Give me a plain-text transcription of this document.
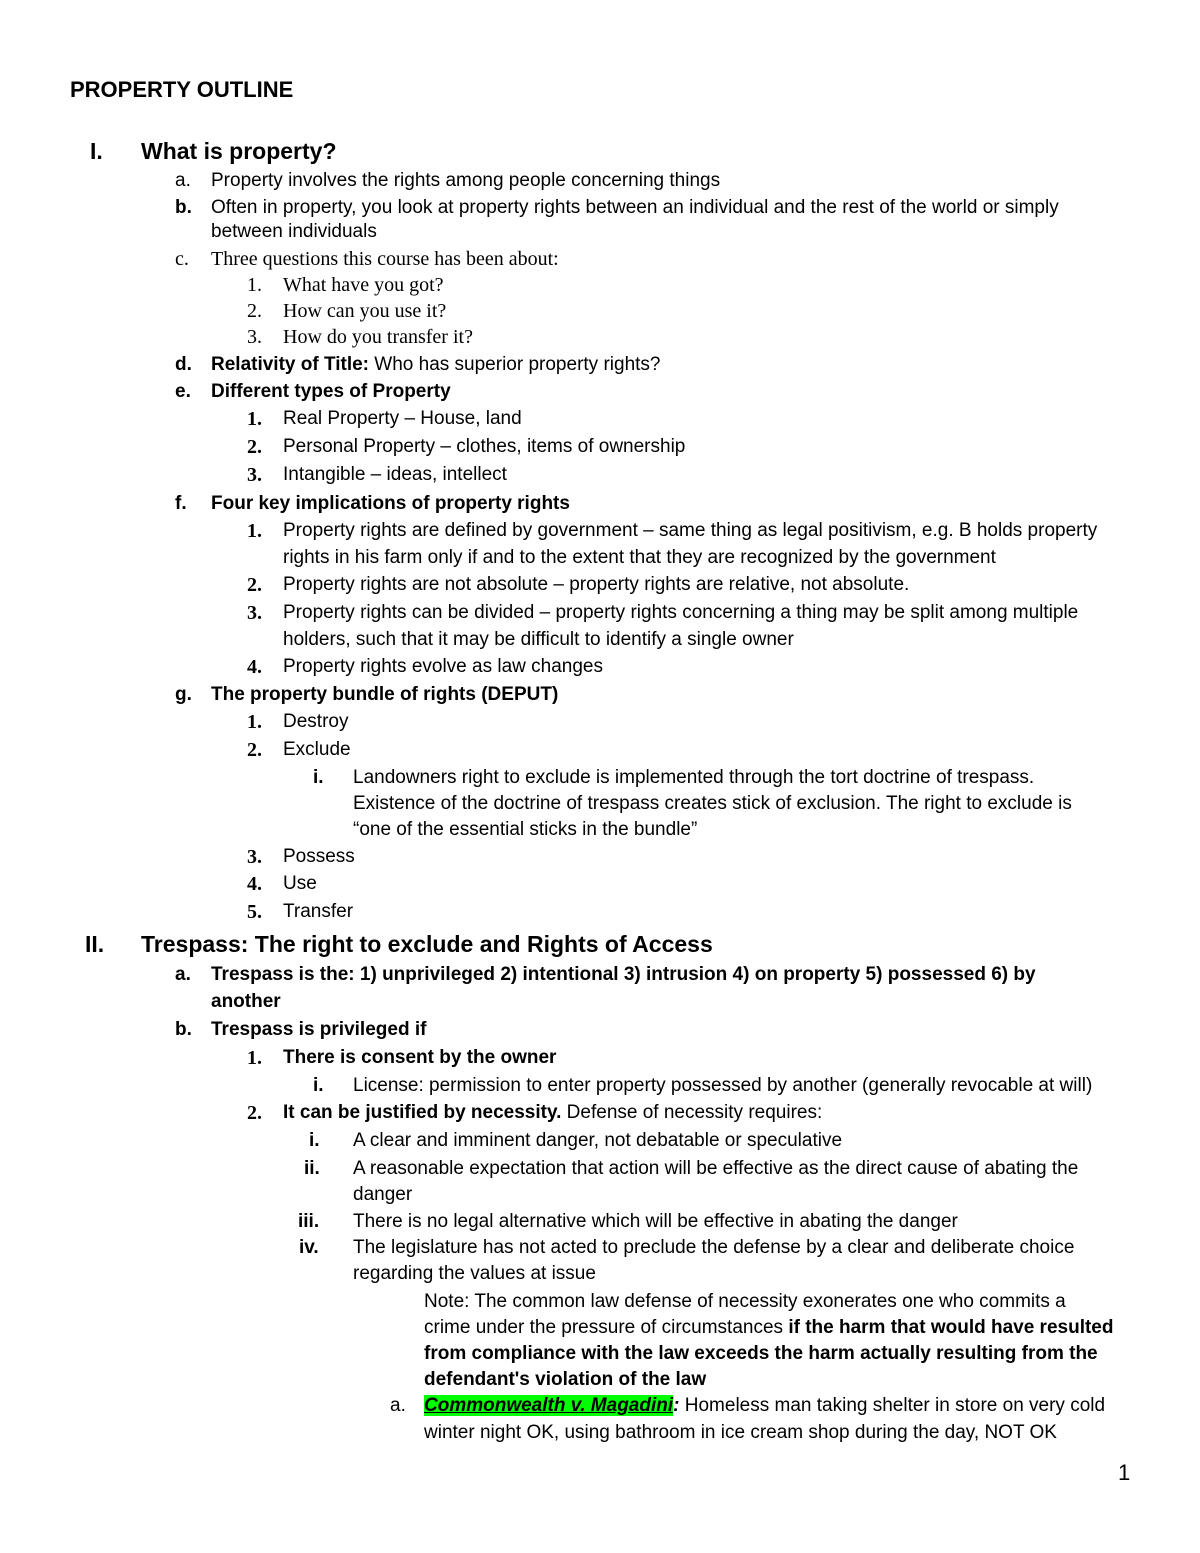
PROPERTY OUTLINE
I. What is property?
a. Property involves the rights among people concerning things
b. Often in property, you look at property rights between an individual and the rest of the world or simply
between individuals
c. Three questions this course has been about:
1. What have you got?
2. How can you use it?
3. How do you transfer it?
d. Relativity of Title: Who has superior property rights?
e. Different types of Property
1. Real Property – House, land
2. Personal Property – clothes, items of ownership
3. Intangible – ideas, intellect
f. Four key implications of property rights
1. Property rights are defined by government – same thing as legal positivism, e.g. B holds property
rights in his farm only if and to the extent that they are recognized by the government
2. Property rights are not absolute – property rights are relative, not absolute.
3. Property rights can be divided – property rights concerning a thing may be split among multiple
holders, such that it may be difficult to identify a single owner
4. Property rights evolve as law changes
g. The property bundle of rights (DEPUT)
1. Destroy
2. Exclude
i. Landowners right to exclude is implemented through the tort doctrine of trespass.
Existence of the doctrine of trespass creates stick of exclusion. The right to exclude is
“one of the essential sticks in the bundle”
3. Possess
4. Use
5. Transfer
II. Trespass: The right to exclude and Rights of Access
a. Trespass is the: 1) unprivileged 2) intentional 3) intrusion 4) on property 5) possessed 6) by
another
b. Trespass is privileged if
1. There is consent by the owner
i. License: permission to enter property possessed by another (generally revocable at will)
2. It can be justified by necessity. Defense of necessity requires:
i. A clear and imminent danger, not debatable or speculative
ii. A reasonable expectation that action will be effective as the direct cause of abating the
danger
iii. There is no legal alternative which will be effective in abating the danger
iv. The legislature has not acted to preclude the defense by a clear and deliberate choice
regarding the values at issue
Note: The common law defense of necessity exonerates one who commits a
crime under the pressure of circumstances if the harm that would have resulted
from compliance with the law exceeds the harm actually resulting from the
defendant's violation of the law
a. Commonwealth v. Magadini: Homeless man taking shelter in store on very cold
winter night OK, using bathroom in ice cream shop during the day, NOT OK
1
